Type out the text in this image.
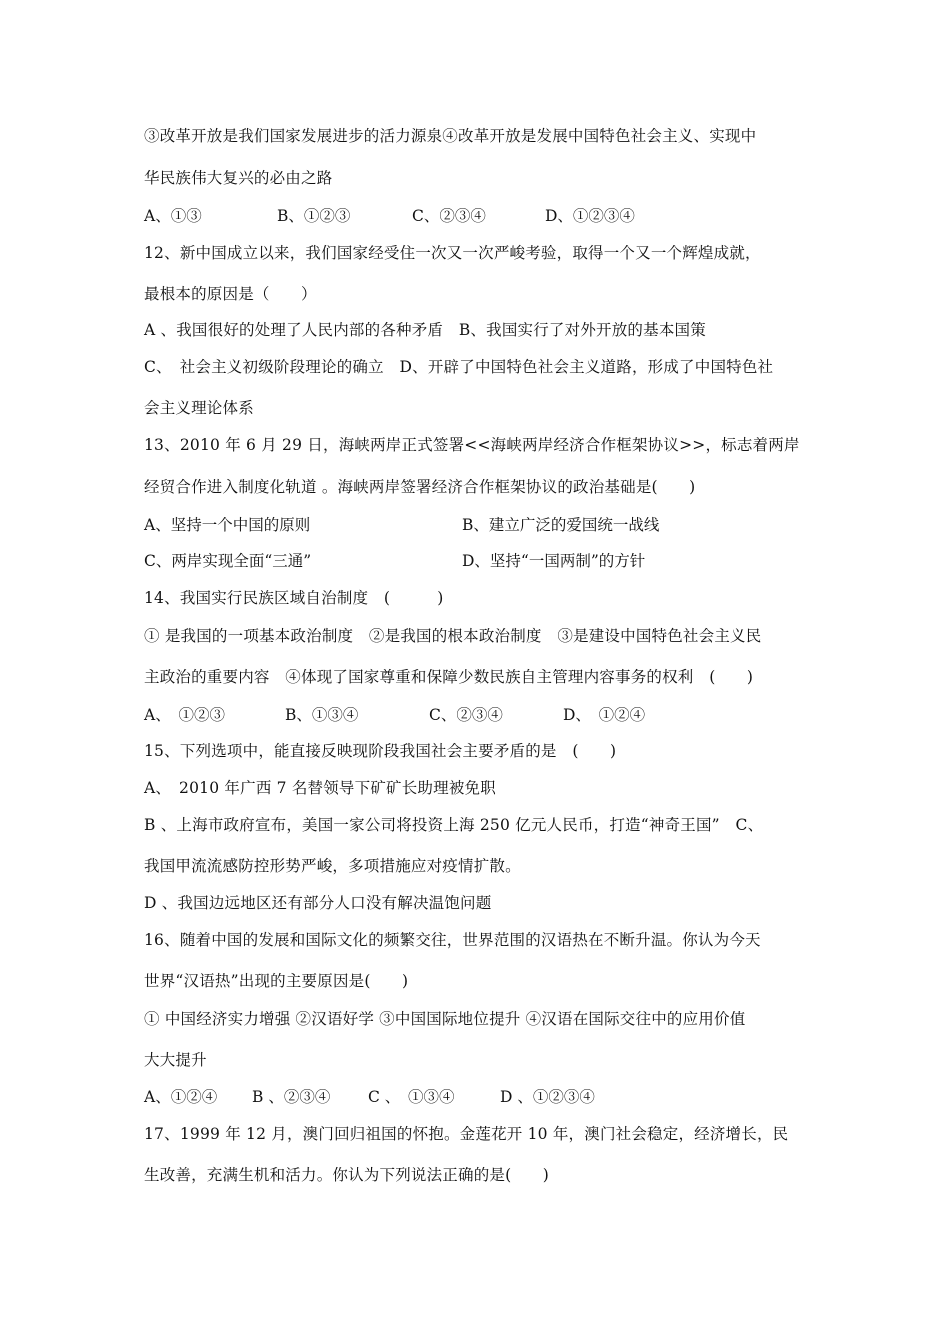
③改革开放是我们国家发展进步的活力源泉④改革开放是发展中国特色社会主义、实现中
华民族伟大复兴的必由之路
A、①③	B、①②③	C、②③④	D、①②③④
12、新中国成立以来，我们国家经受住一次又一次严峻考验，取得一个又一个辉煌成就，
最根本的原因是（　　）
A 、我国很好的处理了人民内部的各种矛盾　B、我国实行了对外开放的基本国策
C、　社会主义初级阶段理论的确立　D、开辟了中国特色社会主义道路，形成了中国特色社
会主义理论体系
13、2010 年 6 月 29 日，海峡两岸正式签署<<海峡两岸经济合作框架协议>>，标志着两岸
经贸合作进入制度化轨道 。海峡两岸签署经济合作框架协议的政治基础是(　　)
A、坚持一个中国的原则	B、建立广泛的爱国统一战线
C、两岸实现全面“三通”	D、坚持“一国两制”的方针
14、我国实行民族区域自治制度　(　　　)
① 是我国的一项基本政治制度　②是我国的根本政治制度　③是建设中国特色社会主义民
主政治的重要内容　④体现了国家尊重和保障少数民族自主管理内容事务的权利　(　　)
A、　①②③	B、①③④	C、②③④	D、　①②④
15、下列选项中，能直接反映现阶段我国社会主要矛盾的是　(　　)
A、　2010 年广西 7 名替领导下矿矿长助理被免职
B 、上海市政府宣布，美国一家公司将投资上海 250 亿元人民币，打造“神奇王国”　C、
我国甲流流感防控形势严峻，多项措施应对疫情扩散。
D 、我国边远地区还有部分人口没有解决温饱问题
16、随着中国的发展和国际文化的频繁交往，世界范围的汉语热在不断升温。你认为今天
世界“汉语热”出现的主要原因是(　　)
① 中国经济实力增强 ②汉语好学 ③中国国际地位提升 ④汉语在国际交往中的应用价值
大大提升
A、①②④ B 、②③④ C 、　①③④	D 、①②③④
17、1999 年 12 月，澳门回归祖国的怀抱。金莲花开 10 年，澳门社会稳定，经济增长，民
生改善，充满生机和活力。你认为下列说法正确的是(　　)
